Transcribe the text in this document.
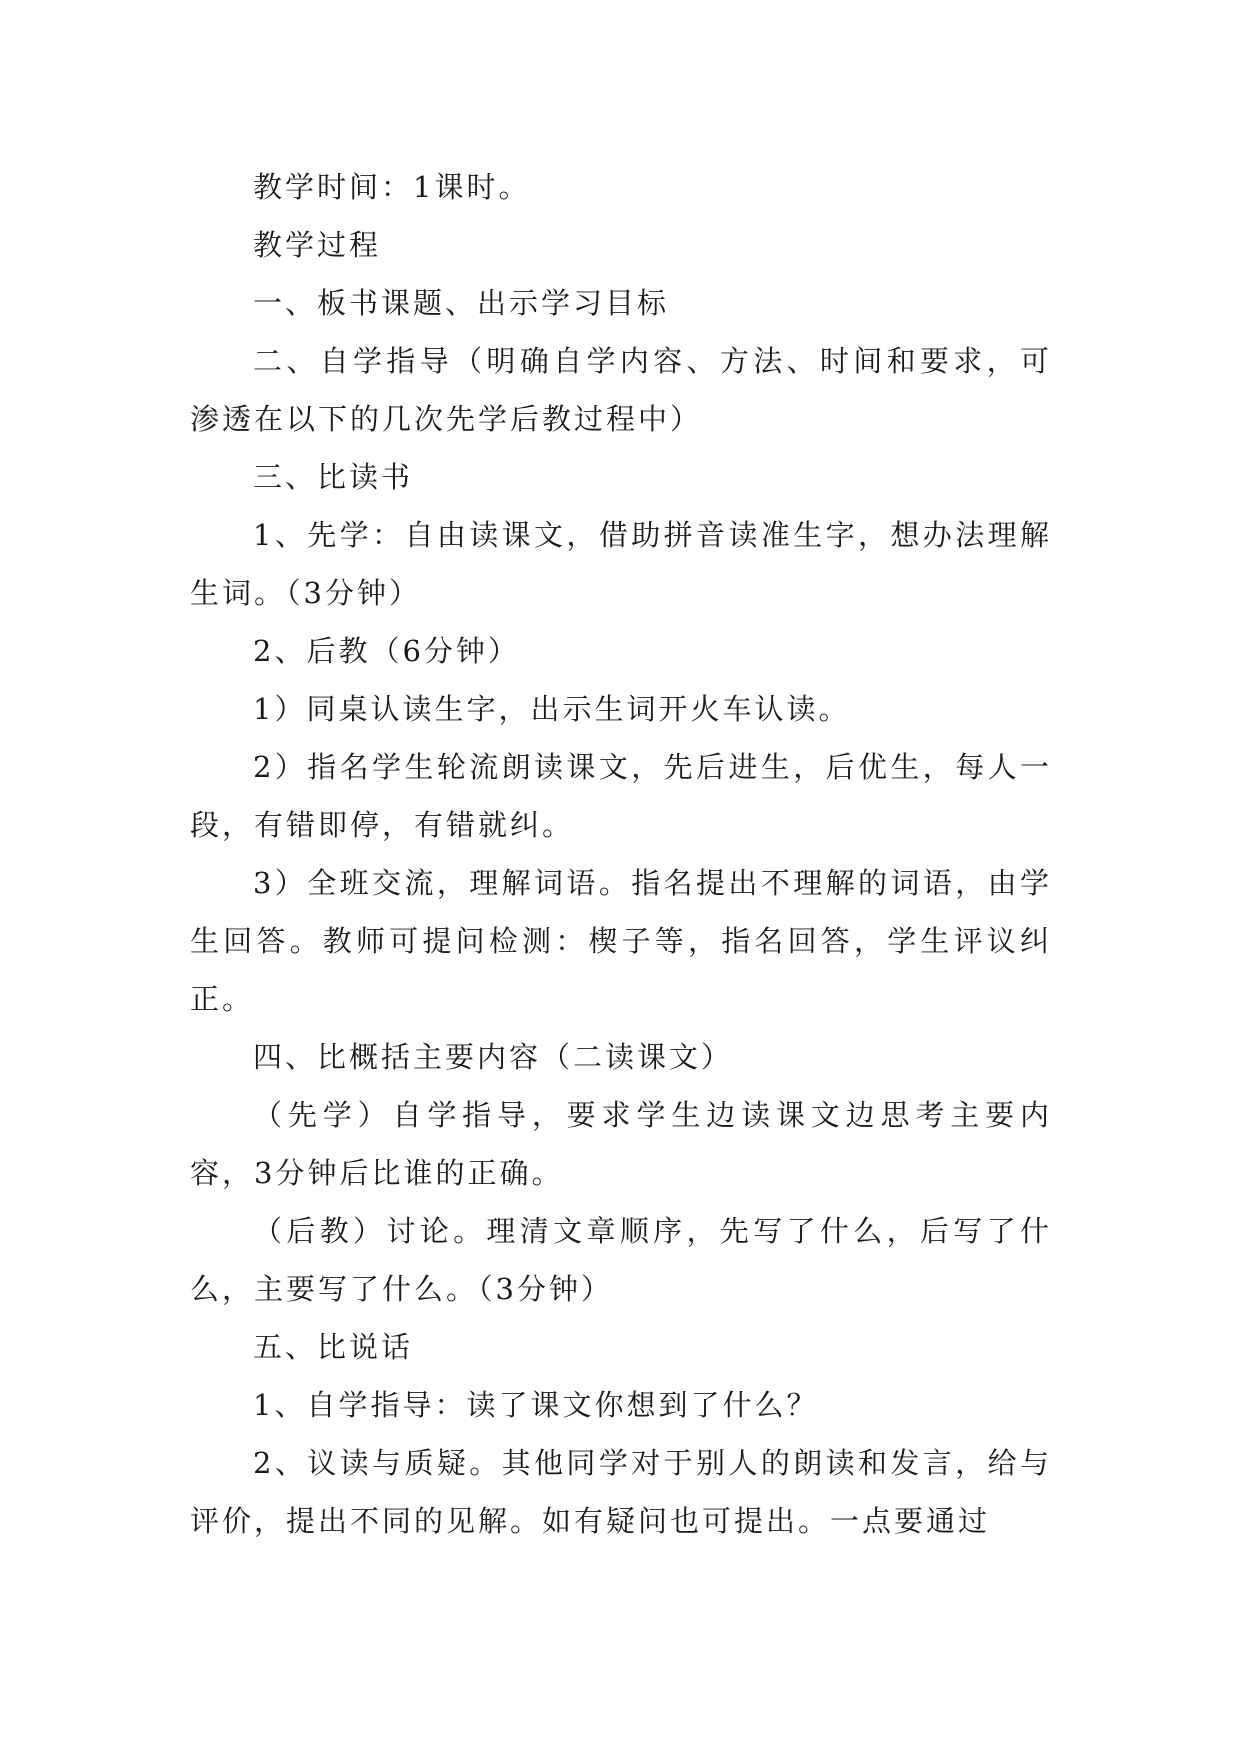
教学时间：1课时。

教学过程

一、板书课题、出示学习目标

二、自学指导（明确自学内容、方法、时间和要求，可渗透在以下的几次先学后教过程中）

三、比读书

1、先学：自由读课文，借助拼音读准生字，想办法理解生词。（3分钟）

2、后教（6分钟）

1）同桌认读生字，出示生词开火车认读。

2）指名学生轮流朗读课文，先后进生，后优生，每人一段，有错即停，有错就纠。

3）全班交流，理解词语。指名提出不理解的词语，由学生回答。教师可提问检测：楔子等，指名回答，学生评议纠正。

四、比概括主要内容（二读课文）

（先学）自学指导，要求学生边读课文边思考主要内容，3分钟后比谁的正确。

（后教）讨论。理清文章顺序，先写了什么，后写了什么，主要写了什么。（3分钟）

五、比说话

1、自学指导：读了课文你想到了什么？

2、议读与质疑。其他同学对于别人的朗读和发言，给与评价，提出不同的见解。如有疑问也可提出。一点要通过
